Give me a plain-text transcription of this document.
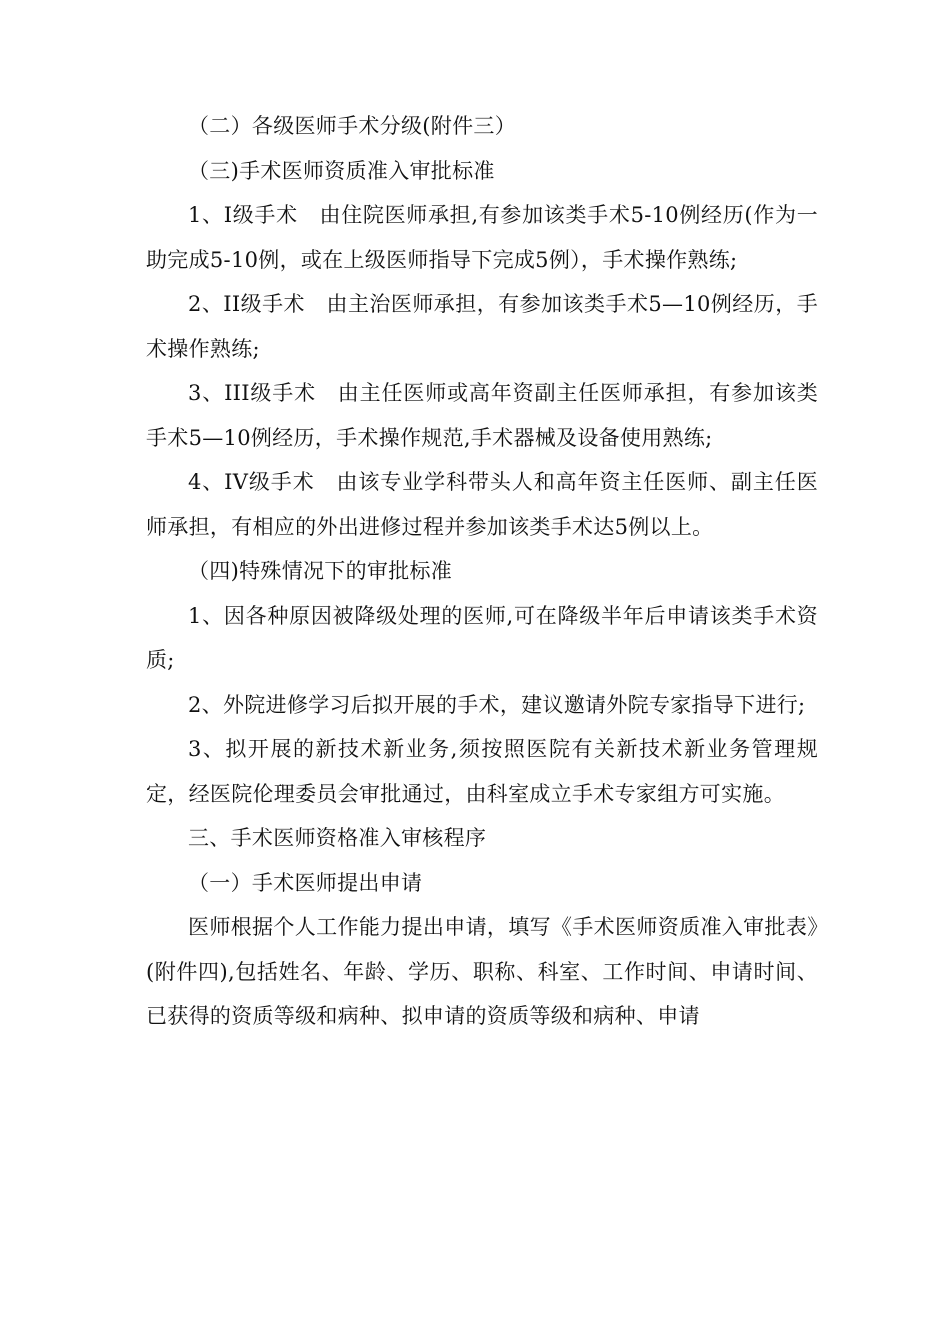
（二）各级医师手术分级(附件三）

（三)手术医师资质准入审批标准

1、I级手术　由住院医师承担,有参加该类手术5-10例经历(作为一助完成5-10例，或在上级医师指导下完成5例），手术操作熟练;

2、II级手术　由主治医师承担，有参加该类手术5—10例经历，手术操作熟练;

3、III级手术　由主任医师或高年资副主任医师承担，有参加该类手术5—10例经历，手术操作规范,手术器械及设备使用熟练;

4、IV级手术　由该专业学科带头人和高年资主任医师、副主任医师承担，有相应的外出进修过程并参加该类手术达5例以上。

（四)特殊情况下的审批标准

1、因各种原因被降级处理的医师,可在降级半年后申请该类手术资质;

2、外院进修学习后拟开展的手术，建议邀请外院专家指导下进行;

3、拟开展的新技术新业务,须按照医院有关新技术新业务管理规定，经医院伦理委员会审批通过，由科室成立手术专家组方可实施。

三、手术医师资格准入审核程序

（一）手术医师提出申请

医师根据个人工作能力提出申请，填写《手术医师资质准入审批表》(附件四),包括姓名、年龄、学历、职称、科室、工作时间、申请时间、已获得的资质等级和病种、拟申请的资质等级和病种、申请
